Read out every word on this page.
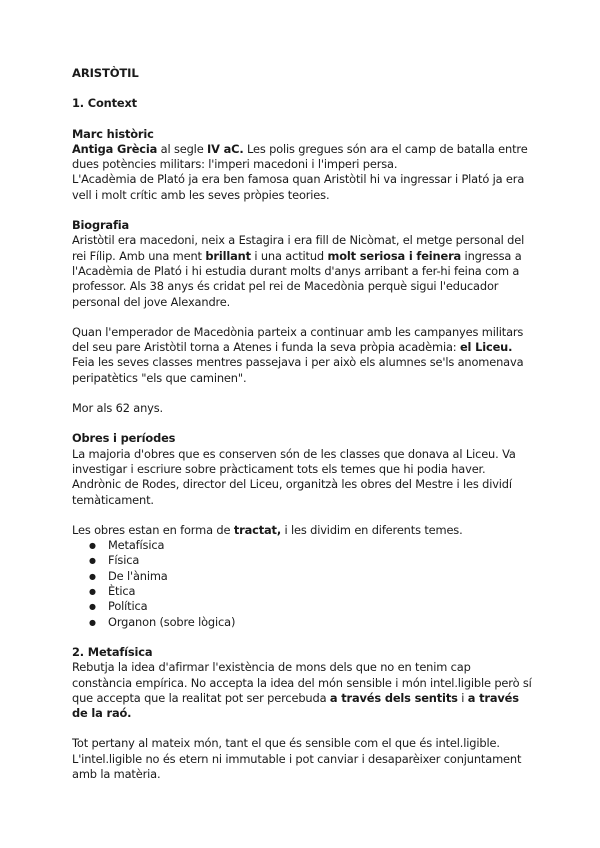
ARISTÒTIL
1. Context
Marc històric
Antiga Grècia al segle IV aC. Les polis gregues són ara el camp de batalla entre dues potències militars: l'imperi macedoni i l'imperi persa.
L'Acadèmia de Plató ja era ben famosa quan Aristòtil hi va ingressar i Plató ja era vell i molt crític amb les seves pròpies teories.
Biografia
Aristòtil era macedoni, neix a Estagira i era fill de Nicòmat, el metge personal del rei Fílip. Amb una ment brillant i una actitud molt seriosa i feinera ingressa a l'Acadèmia de Plató i hi estudia durant molts d'anys arribant a fer-hi feina com a professor. Als 38 anys és cridat pel rei de Macedònia perquè sigui l'educador personal del jove Alexandre.
Quan l'emperador de Macedònia parteix a continuar amb les campanyes militars del seu pare Aristòtil torna a Atenes i funda la seva pròpia acadèmia: el Liceu. Feia les seves classes mentres passejava i per això els alumnes se'ls anomenava peripatètics "els que caminen".
Mor als 62 anys.
Obres i períodes
La majoria d'obres que es conserven són de les classes que donava al Liceu. Va investigar i escriure sobre pràcticament tots els temes que hi podia haver. Andrònic de Rodes, director del Liceu, organitzà les obres del Mestre i les dividí temàticament.
Les obres estan en forma de tractat, i les dividim en diferents temes.
● Metafísica
● Física
● De l'ànima
● Ètica
● Política
● Organon (sobre lògica)
2. Metafísica
Rebutja la idea d'afirmar l'existència de mons dels que no en tenim cap constància empírica. No accepta la idea del món sensible i món intel.ligible però sí que accepta que la realitat pot ser percebuda a través dels sentits i a través de la raó.
Tot pertany al mateix món, tant el que és sensible com el que és intel.ligible. L'intel.ligible no és etern ni immutable i pot canviar i desaparèixer conjuntament amb la matèria.
